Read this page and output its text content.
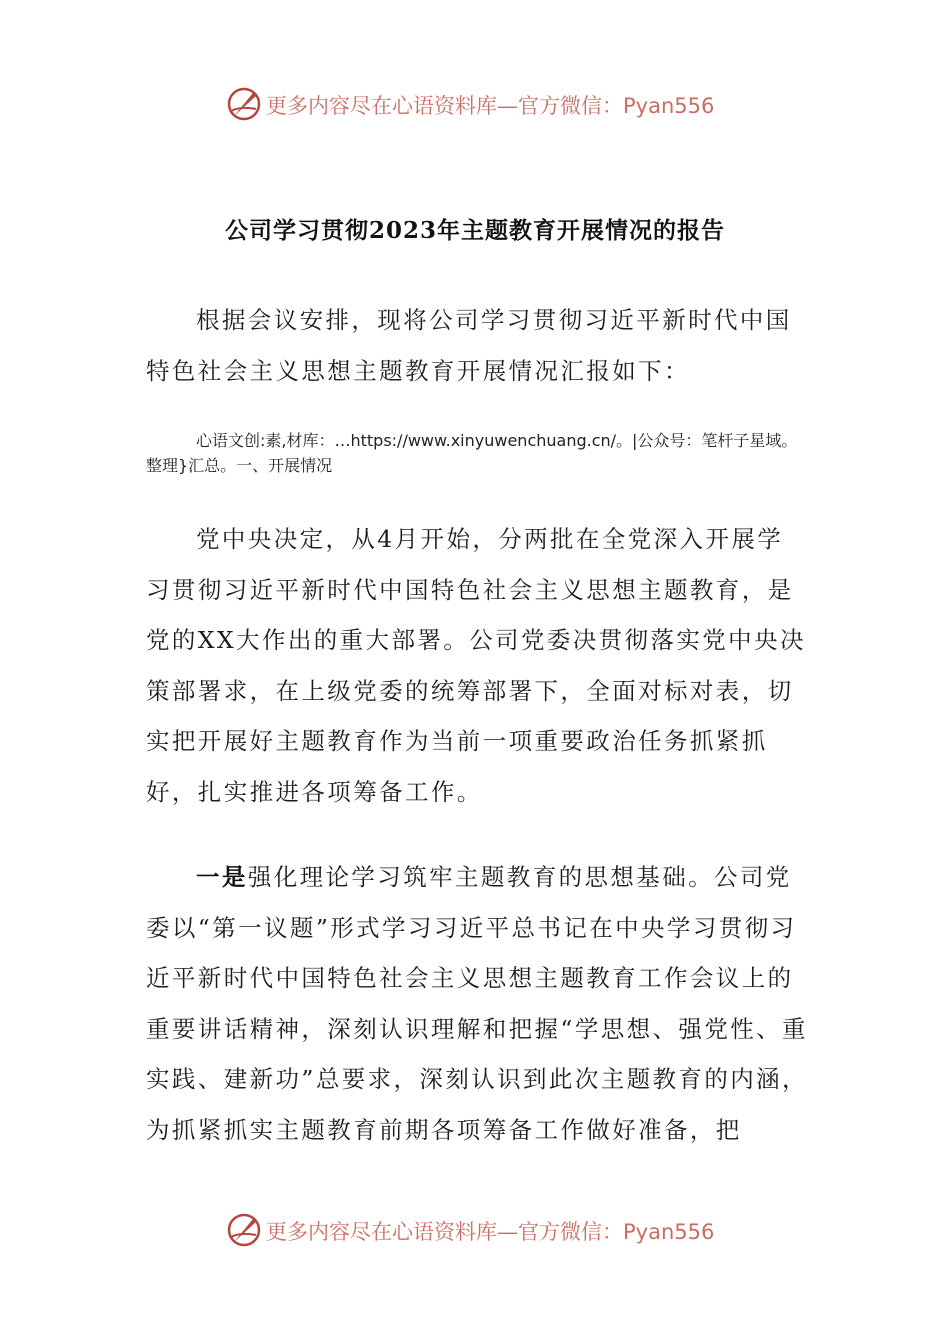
更多内容尽在心语资料库—官方微信：Pyan556
公司学习贯彻2023年主题教育开展情况的报告

根据会议安排，现将公司学习贯彻习近平新时代中国特色社会主义思想主题教育开展情况汇报如下：

心语文创:素,材库：…https://www.xinyuwenchuang.cn/。|公众号：笔杆子星域。整理}汇总。一、开展情况

党中央决定，从4月开始，分两批在全党深入开展学习贯彻习近平新时代中国特色社会主义思想主题教育，是党的XX大作出的重大部署。公司党委决贯彻落实党中央决策部署求，在上级党委的统筹部署下，全面对标对表，切实把开展好主题教育作为当前一项重要政治任务抓紧抓好，扎实推进各项筹备工作。

一是强化理论学习筑牢主题教育的思想基础。公司党委以“第一议题”形式学习习近平总书记在中央学习贯彻习近平新时代中国特色社会主义思想主题教育工作会议上的重要讲话精神，深刻认识理解和把握“学思想、强党性、重实践、建新功”总要求，深刻认识到此次主题教育的内涵，为抓紧抓实主题教育前期各项筹备工作做好准备，把

更多内容尽在心语资料库—官方微信：Pyan556
